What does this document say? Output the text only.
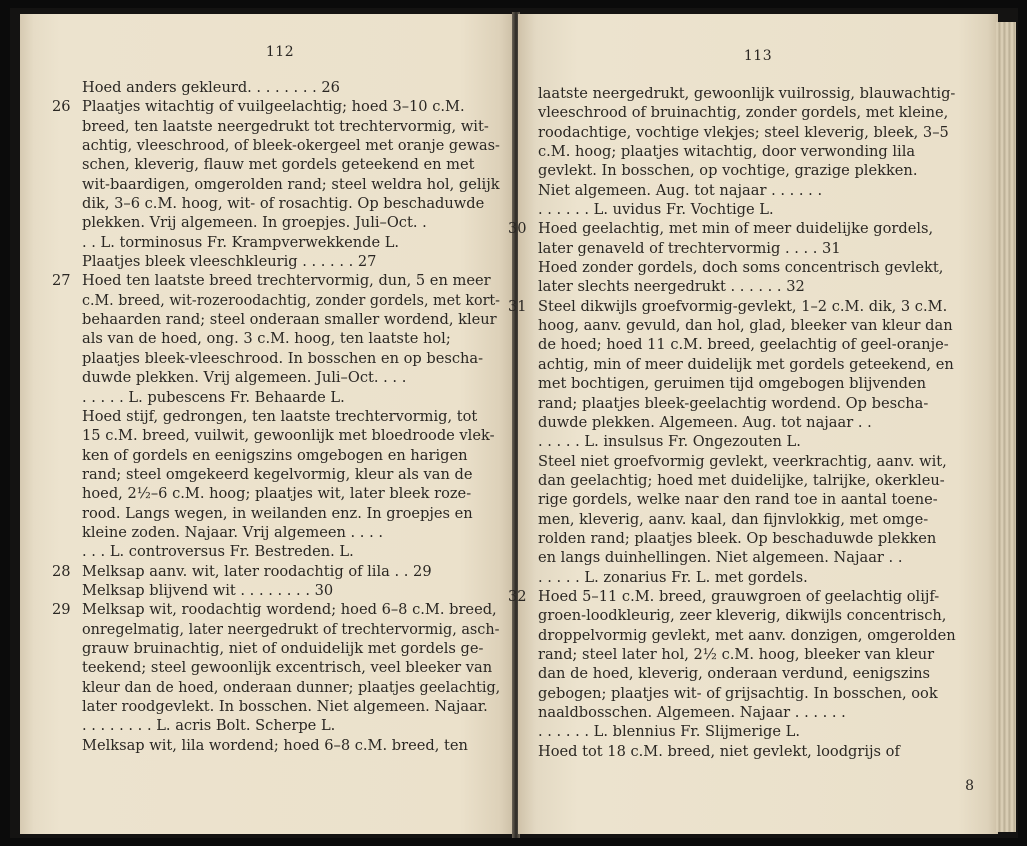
112
Hoed anders gekleurd. . . . . . . . 26
26 Plaatjes witachtig of vuilgeelachtig; hoed 3–10 c.M.
breed, ten laatste neergedrukt tot trechtervormig, wit-
achtig, vleeschrood, of bleek-okergeel met oranje gewas-
schen, kleverig, flauw met gordels geteekend en met
wit-baardigen, omgerolden rand; steel weldra hol, gelijk
dik, 3–6 c.M. hoog, wit- of rosachtig. Op beschaduwde
plekken. Vrij algemeen. In groepjes. Juli–Oct. .
. . L. torminosus Fr. Krampverwekkende L.
Plaatjes bleek vleeschkleurig . . . . . . 27
27 Hoed ten laatste breed trechtervormig, dun, 5 en meer
c.M. breed, wit-rozeroodachtig, zonder gordels, met kort-
behaarden rand; steel onderaan smaller wordend, kleur
als van de hoed, ong. 3 c.M. hoog, ten laatste hol;
plaatjes bleek-vleeschrood. In bosschen en op bescha-
duwde plekken. Vrij algemeen. Juli–Oct. . . .
. . . . . L. pubescens Fr. Behaarde L.
Hoed stijf, gedrongen, ten laatste trechtervormig, tot
15 c.M. breed, vuilwit, gewoonlijk met bloedroode vlek-
ken of gordels en eenigszins omgebogen en harigen
rand; steel omgekeerd kegelvormig, kleur als van de
hoed, 2½–6 c.M. hoog; plaatjes wit, later bleek roze-
rood. Langs wegen, in weilanden enz. In groepjes en
kleine zoden. Najaar. Vrij algemeen . . . .
. . . L. controversus Fr. Bestreden. L.
28 Melksap aanv. wit, later roodachtig of lila . . 29
Melksap blijvend wit . . . . . . . . 30
29 Melksap wit, roodachtig wordend; hoed 6–8 c.M. breed,
onregelmatig, later neergedrukt of trechtervormig, asch-
grauw bruinachtig, niet of onduidelijk met gordels ge-
teekend; steel gewoonlijk excentrisch, veel bleeker van
kleur dan de hoed, onderaan dunner; plaatjes geelachtig,
later roodgevlekt. In bosschen. Niet algemeen. Najaar.
. . . . . . . . L. acris Bolt. Scherpe L.
Melksap wit, lila wordend; hoed 6–8 c.M. breed, ten
113
laatste neergedrukt, gewoonlijk vuilrossig, blauwachtig-
vleeschrood of bruinachtig, zonder gordels, met kleine,
roodachtige, vochtige vlekjes; steel kleverig, bleek, 3–5
c.M. hoog; plaatjes witachtig, door verwonding lila
gevlekt. In bosschen, op vochtige, grazige plekken.
Niet algemeen. Aug. tot najaar . . . . . .
. . . . . . L. uvidus Fr. Vochtige L.
30 Hoed geelachtig, met min of meer duidelijke gordels,
later genaveld of trechtervormig . . . . 31
Hoed zonder gordels, doch soms concentrisch gevlekt,
later slechts neergedrukt . . . . . . 32
31 Steel dikwijls groefvormig-gevlekt, 1–2 c.M. dik, 3 c.M.
hoog, aanv. gevuld, dan hol, glad, bleeker van kleur dan
de hoed; hoed 11 c.M. breed, geelachtig of geel-oranje-
achtig, min of meer duidelijk met gordels geteekend, en
met bochtigen, geruimen tijd omgebogen blijvenden
rand; plaatjes bleek-geelachtig wordend. Op bescha-
duwde plekken. Algemeen. Aug. tot najaar . .
. . . . . L. insulsus Fr. Ongezouten L.
Steel niet groefvormig gevlekt, veerkrachtig, aanv. wit,
dan geelachtig; hoed met duidelijke, talrijke, okerkleu-
rige gordels, welke naar den rand toe in aantal toene-
men, kleverig, aanv. kaal, dan fijnvlokkig, met omge-
rolden rand; plaatjes bleek. Op beschaduwde plekken
en langs duinhellingen. Niet algemeen. Najaar . .
. . . . . L. zonarius Fr. L. met gordels.
32 Hoed 5–11 c.M. breed, grauwgroen of geelachtig olijf-
groen-loodkleurig, zeer kleverig, dikwijls concentrisch,
droppelvormig gevlekt, met aanv. donzigen, omgerolden
rand; steel later hol, 2½ c.M. hoog, bleeker van kleur
dan de hoed, kleverig, onderaan verdund, eenigszins
gebogen; plaatjes wit- of grijsachtig. In bosschen, ook
naaldbosschen. Algemeen. Najaar . . . . . .
. . . . . . L. blennius Fr. Slijmerige L.
Hoed tot 18 c.M. breed, niet gevlekt, loodgrijs of
8
